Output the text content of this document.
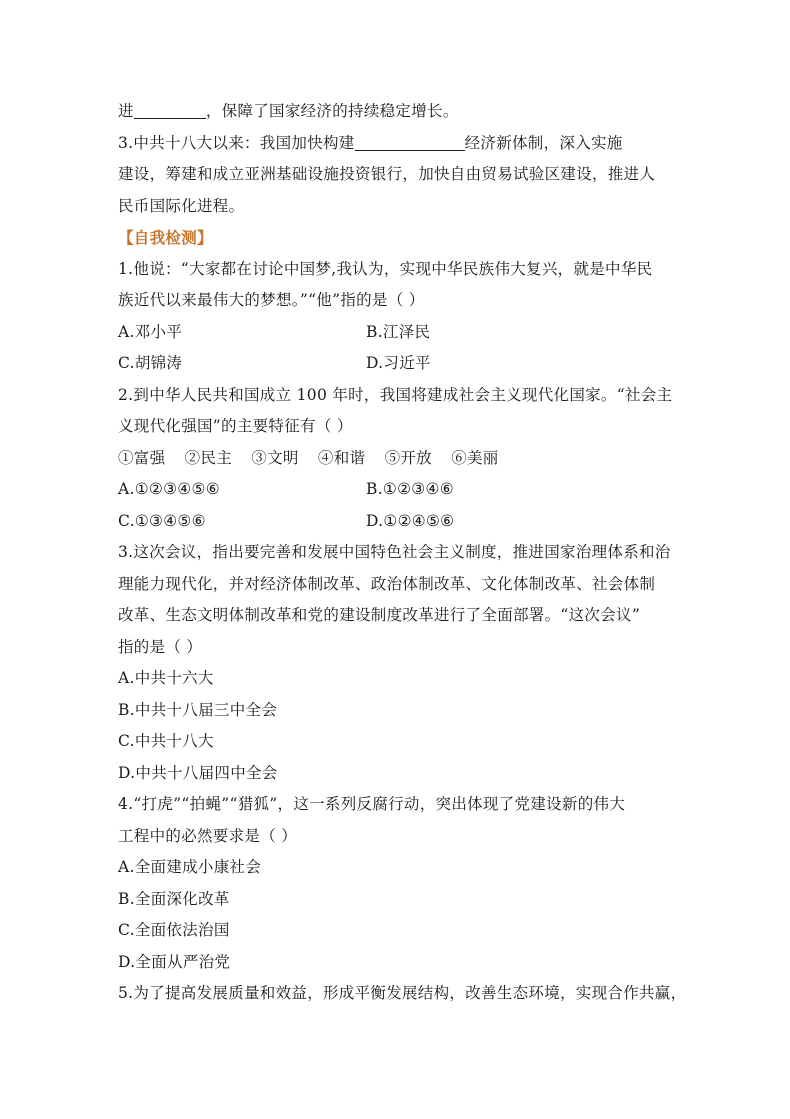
进	，保障了国家经济的持续稳定增长。
3.中共十八大以来：我国加快构建	经济新体制，深入实施
建设，筹建和成立亚洲基础设施投资银行，加快自由贸易试验区建设，推进人
民币国际化进程。
【自我检测】
1.他说：“大家都在讨论中国梦,我认为，实现中华民族伟大复兴，就是中华民
族近代以来最伟大的梦想。”“他”指的是（ ）
A.邓小平	B.江泽民
C.胡锦涛	D.习近平
2.到中华人民共和国成立 100 年时，我国将建成社会主义现代化国家。“社会主
义现代化强国”的主要特征有（ ）
①富强 ②民主 ③文明 ④和谐 ⑤开放 ⑥美丽
A.①②③④⑤⑥	B.①②③④⑥
C.①③④⑤⑥	D.①②④⑤⑥
3.这次会议，指出要完善和发展中国特色社会主义制度，推进国家治理体系和治
理能力现代化，并对经济体制改革、政治体制改革、文化体制改革、社会体制
改革、生态文明体制改革和党的建设制度改革进行了全面部署。“这次会议”
指的是（ ）
A.中共十六大
B.中共十八届三中全会
C.中共十八大
D.中共十八届四中全会
4.“打虎”“拍蝇”“猎狐”，这一系列反腐行动，突出体现了党建设新的伟大
工程中的必然要求是（ ）
A.全面建成小康社会
B.全面深化改革
C.全面依法治国
D.全面从严治党
5.为了提高发展质量和效益，形成平衡发展结构，改善生态环境，实现合作共赢，
